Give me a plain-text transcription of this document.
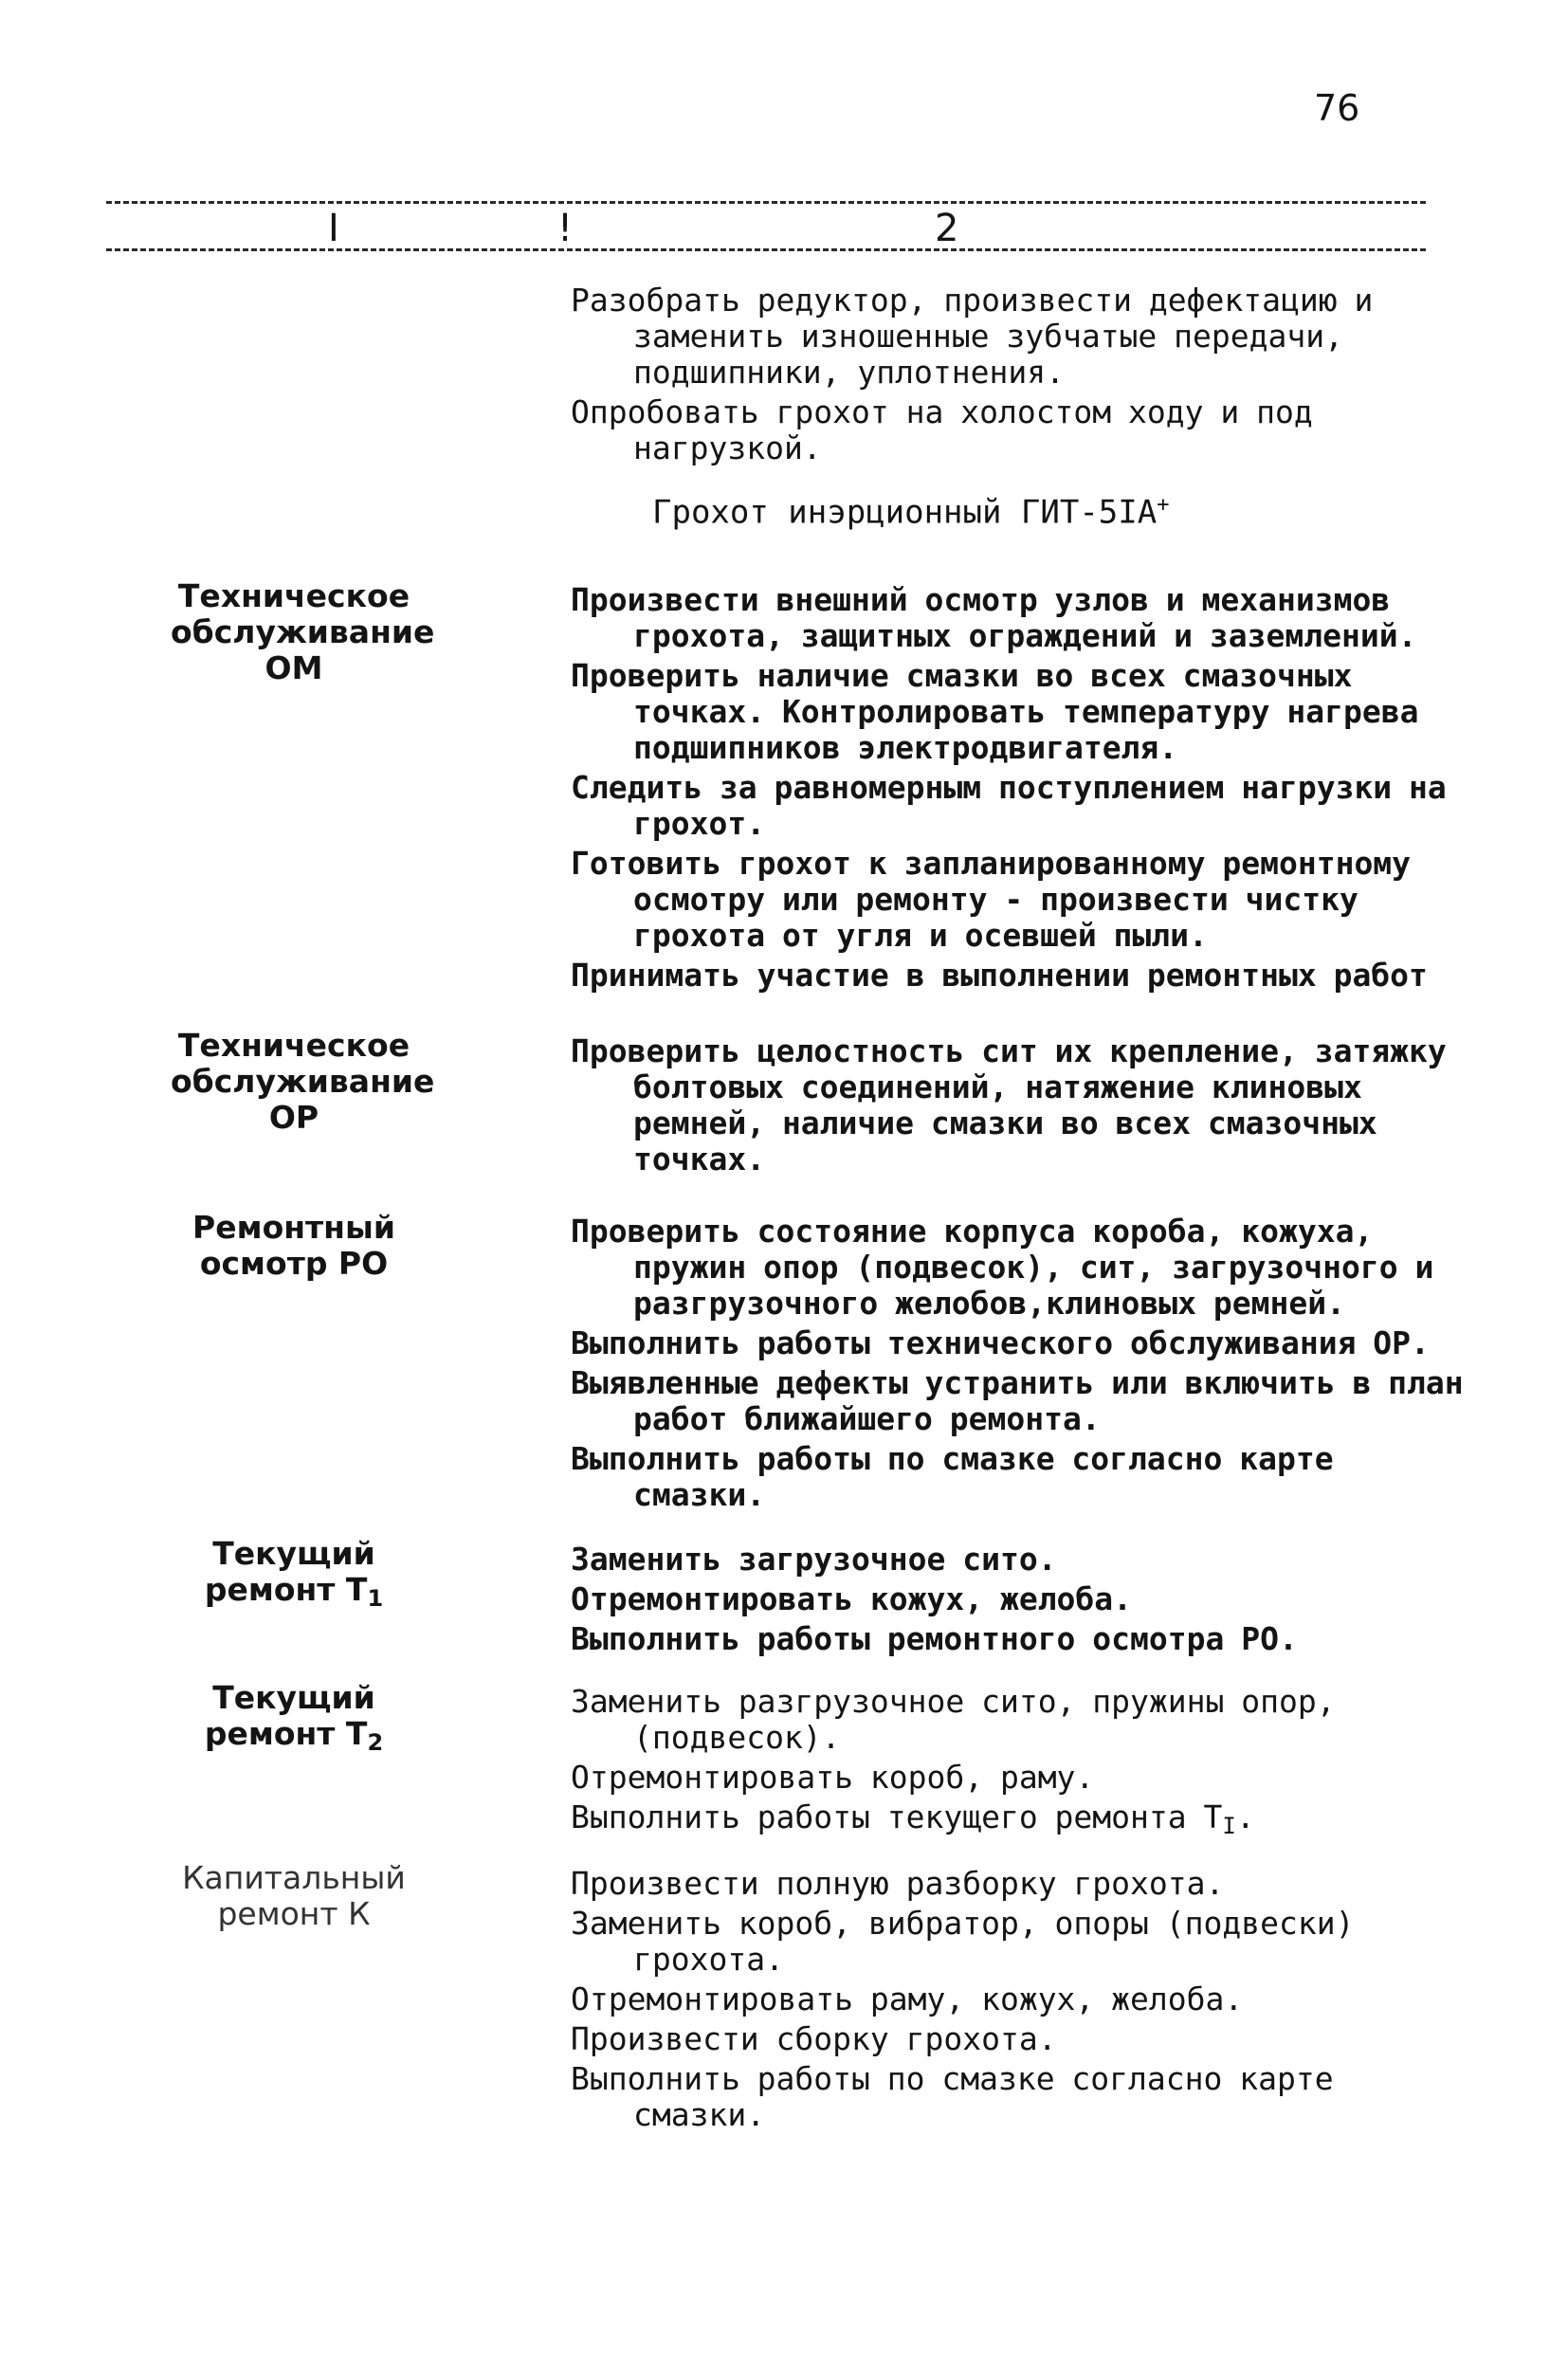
76
I	!	2
Разобрать редуктор, произвести дефектацию и заменить изношенные зубчатые передачи, подшипники, уплотнения.
Опробовать грохот на холостом ходу и под нагрузкой.
Грохот инэрционный ГИТ-5IA+
Техническое
обслуживание
ОМ
Произвести внешний осмотр узлов и механизмов грохота, защитных ограждений и заземлений.
Проверить наличие смазки во всех смазочных точках. Контролировать температуру нагрева подшипников электродвигателя.
Следить за равномерным поступлением нагрузки на грохот.
Готовить грохот к запланированному ремонтному осмотру или ремонту - произвести чистку грохота от угля и осевшей пыли.
Принимать участие в выполнении ремонтных работ
Техническое
обслуживание
ОР
Проверить целостность сит их крепление, затяжку болтовых соединений, натяжение клиновых ремней, наличие смазки во всех смазочных точках.
Ремонтный
осмотр РО
Проверить состояние корпуса короба, кожуха, пружин опор (подвесок), сит, загрузочного и разгрузочного желобов,клиновых ремней.
Выполнить работы технического обслуживания ОР.
Выявленные дефекты устранить или включить в план работ ближайшего ремонта.
Выполнить работы по смазке согласно карте смазки.
Текущий
ремонт $Т_1$
Заменить загрузочное сито.
Отремонтировать кожух, желоба.
Выполнить работы ремонтного осмотра РО.
Текущий
ремонт $Т_2$
Заменить разгрузочное сито, пружины опор, (подвесок).
Отремонтировать короб, раму.
Выполнить работы текущего ремонта $Т_I$.
Капитальный
ремонт К
Произвести полную разборку грохота.
Заменить короб, вибратор, опоры (подвески) грохота.
Отремонтировать раму, кожух, желоба.
Произвести сборку грохота.
Выполнить работы по смазке согласно карте смазки.
